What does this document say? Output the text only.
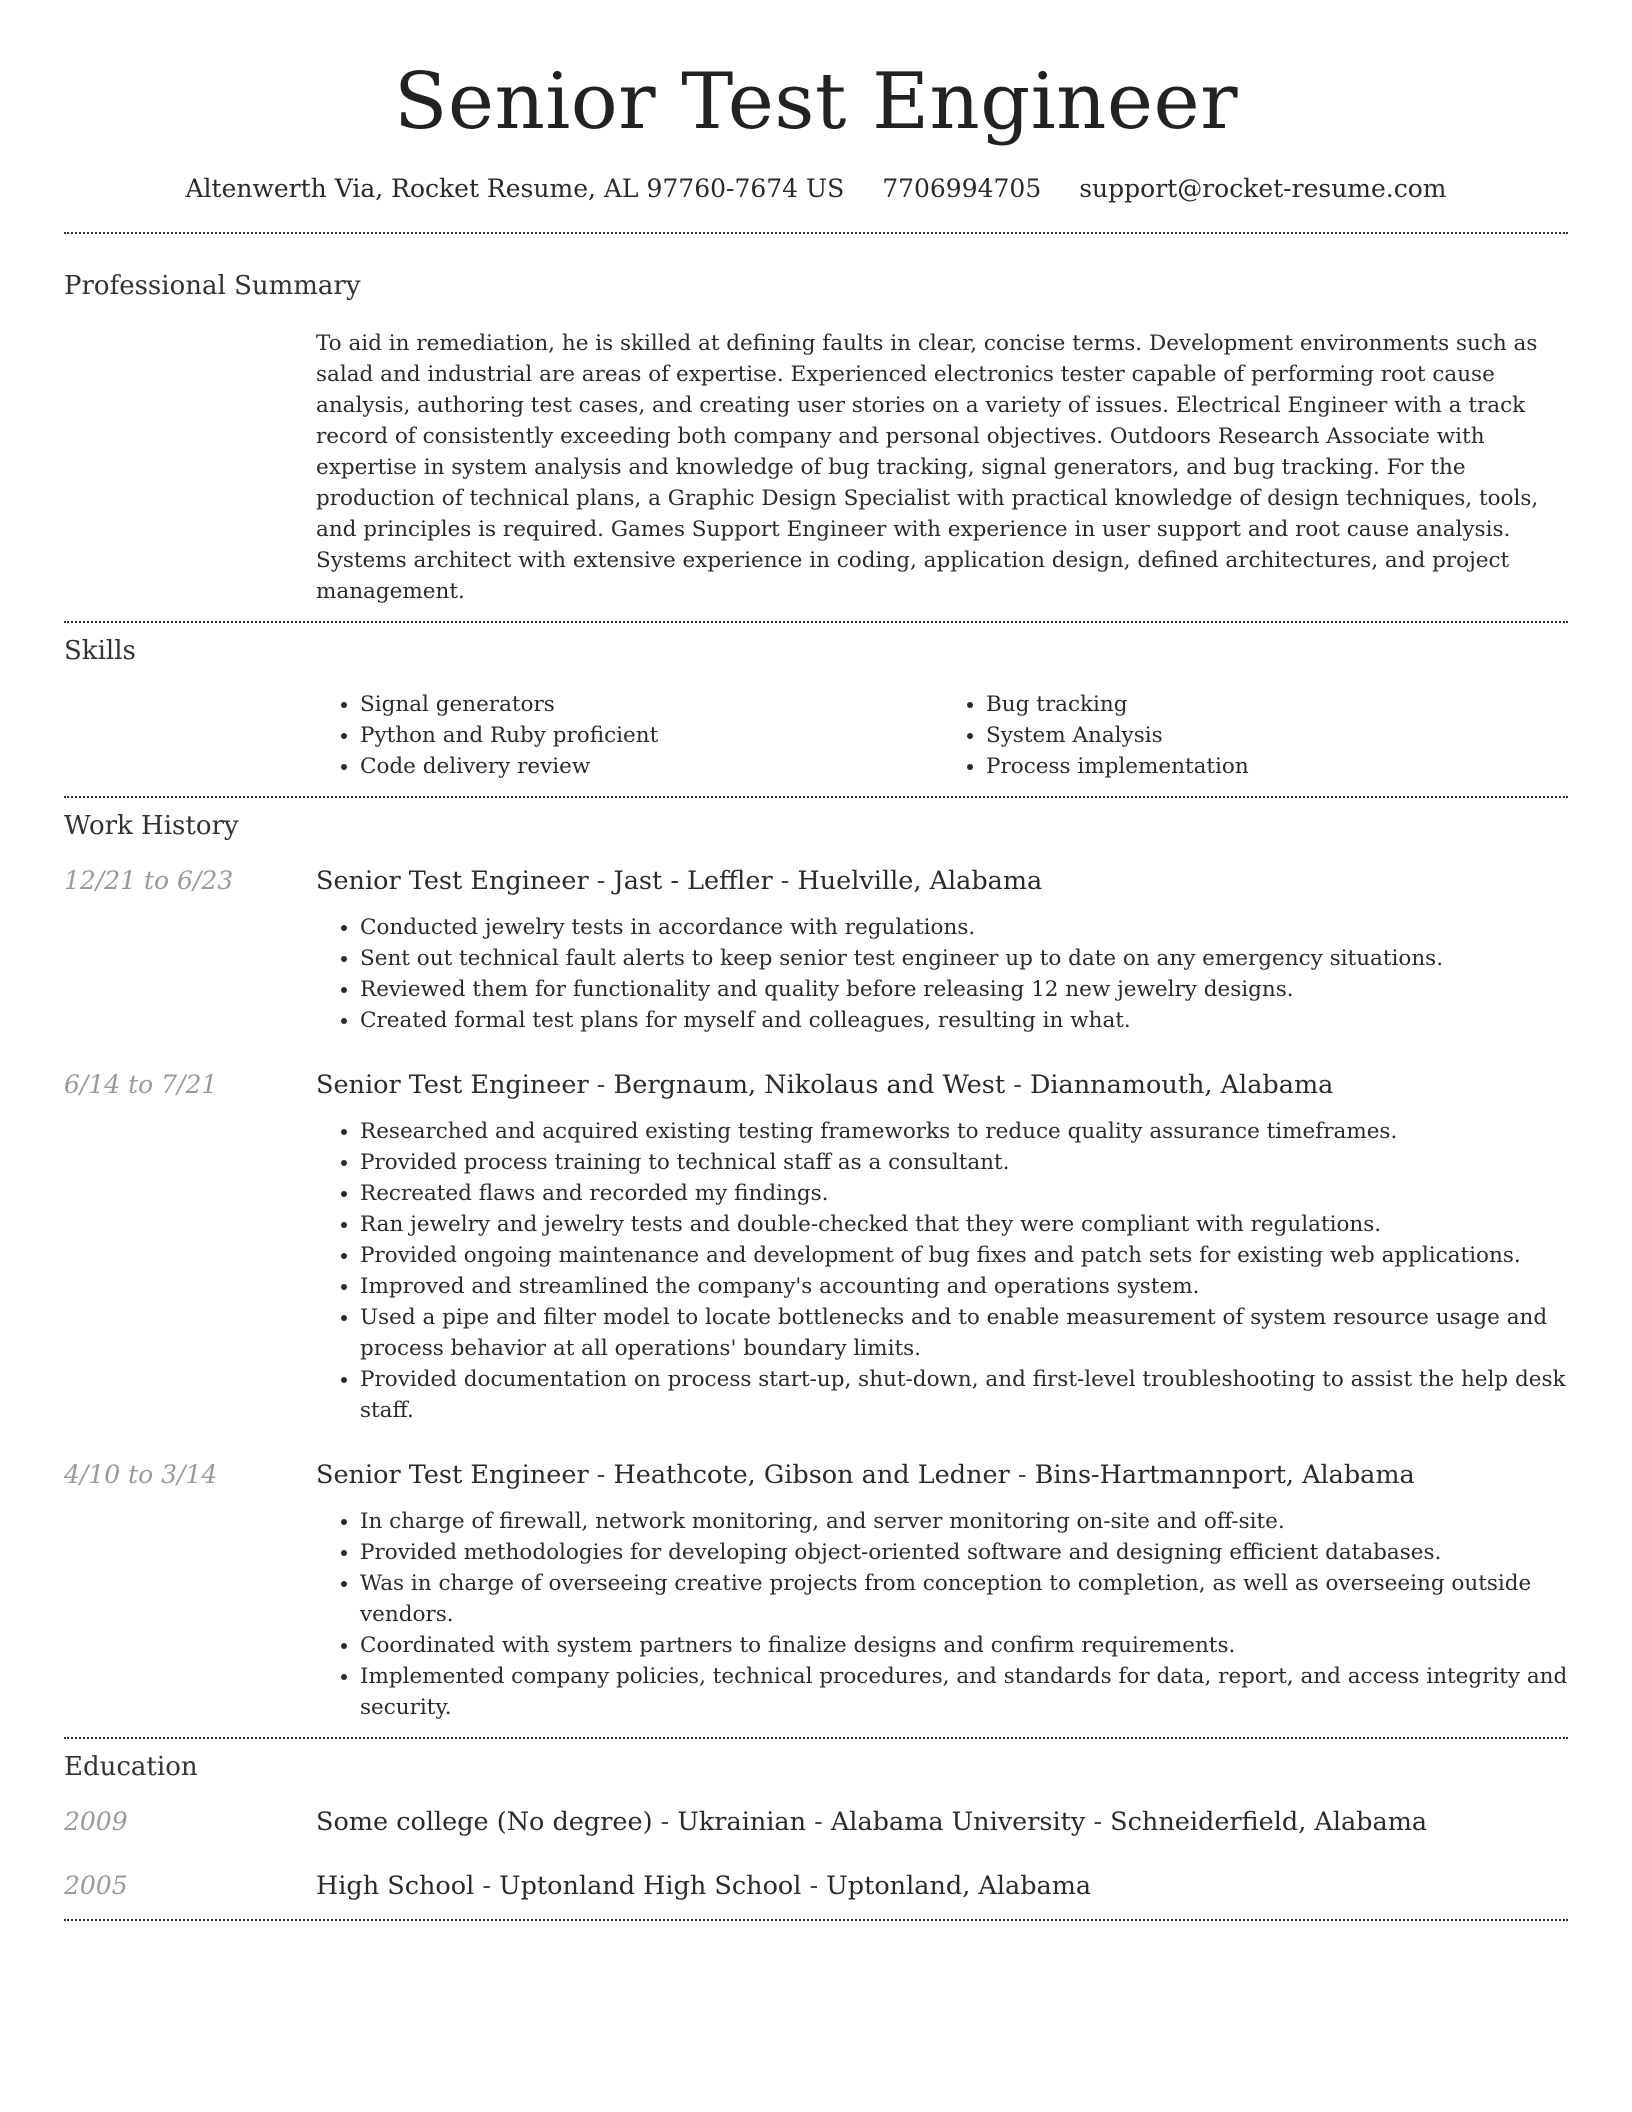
Senior Test Engineer
Altenwerth Via, Rocket Resume, AL 97760-7674 US 7706994705 support@rocket-resume.com
Professional Summary

To aid in remediation, he is skilled at defining faults in clear, concise terms. Development environments such as salad and industrial are areas of expertise. Experienced electronics tester capable of performing root cause analysis, authoring test cases, and creating user stories on a variety of issues. Electrical Engineer with a track record of consistently exceeding both company and personal objectives. Outdoors Research Associate with expertise in system analysis and knowledge of bug tracking, signal generators, and bug tracking. For the production of technical plans, a Graphic Design Specialist with practical knowledge of design techniques, tools, and principles is required. Games Support Engineer with experience in user support and root cause analysis. Systems architect with extensive experience in coding, application design, defined architectures, and project management.

Skills
• Signal generators
• Python and Ruby proficient
• Code delivery review
• Bug tracking
• System Analysis
• Process implementation
Work History
12/21 to 6/23	Senior Test Engineer - Jast - Leffler - Huelville, Alabama
• Conducted jewelry tests in accordance with regulations.
• Sent out technical fault alerts to keep senior test engineer up to date on any emergency situations.
• Reviewed them for functionality and quality before releasing 12 new jewelry designs.
• Created formal test plans for myself and colleagues, resulting in what.
6/14 to 7/21	Senior Test Engineer - Bergnaum, Nikolaus and West - Diannamouth, Alabama
• Researched and acquired existing testing frameworks to reduce quality assurance timeframes.
• Provided process training to technical staff as a consultant.
• Recreated flaws and recorded my findings.
• Ran jewelry and jewelry tests and double-checked that they were compliant with regulations.
• Provided ongoing maintenance and development of bug fixes and patch sets for existing web applications.
• Improved and streamlined the company's accounting and operations system.
• Used a pipe and filter model to locate bottlenecks and to enable measurement of system resource usage and process behavior at all operations' boundary limits.
• Provided documentation on process start-up, shut-down, and first-level troubleshooting to assist the help desk staff.
4/10 to 3/14	Senior Test Engineer - Heathcote, Gibson and Ledner - Bins-Hartmannport, Alabama
• In charge of firewall, network monitoring, and server monitoring on-site and off-site.
• Provided methodologies for developing object-oriented software and designing efficient databases.
• Was in charge of overseeing creative projects from conception to completion, as well as overseeing outside vendors.
• Coordinated with system partners to finalize designs and confirm requirements.
• Implemented company policies, technical procedures, and standards for data, report, and access integrity and security.
Education
2009	Some college (No degree) - Ukrainian - Alabama University - Schneiderfield, Alabama
2005	High School - Uptonland High School - Uptonland, Alabama
